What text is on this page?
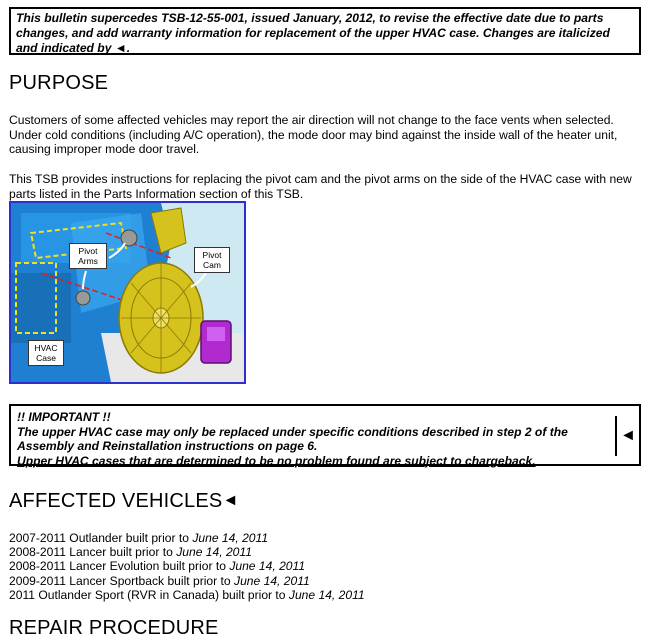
This bulletin supercedes TSB-12-55-001, issued January, 2012, to revise the effective date due to parts changes, and add warranty information for replacement of the upper HVAC case. Changes are italicized and indicated by ◄.
PURPOSE

Customers of some affected vehicles may report the air direction will not change to the face vents when selected. Under cold conditions (including A/C operation), the mode door may bind against the inside wall of the heater unit, causing improper mode door travel.

This TSB provides instructions for replacing the pivot cam and the pivot arms on the side of the HVAC case with new parts listed in the Parts Information section of this TSB.

Pivot Arms
Pivot Cam
HVAC Case
!! IMPORTANT !!
The upper HVAC case may only be replaced under specific conditions described in step 2 of the Assembly and Reinstallation instructions on page 6.
Upper HVAC cases that are determined to be no problem found are subject to chargeback.
◄
AFFECTED VEHICLES◄
2007-2011 Outlander built prior to June 14, 2011
2008-2011 Lancer built prior to June 14, 2011
2008-2011 Lancer Evolution built prior to June 14, 2011
2009-2011 Lancer Sportback built prior to June 14, 2011
2011 Outlander Sport (RVR in Canada) built prior to June 14, 2011
REPAIR PROCEDURE
